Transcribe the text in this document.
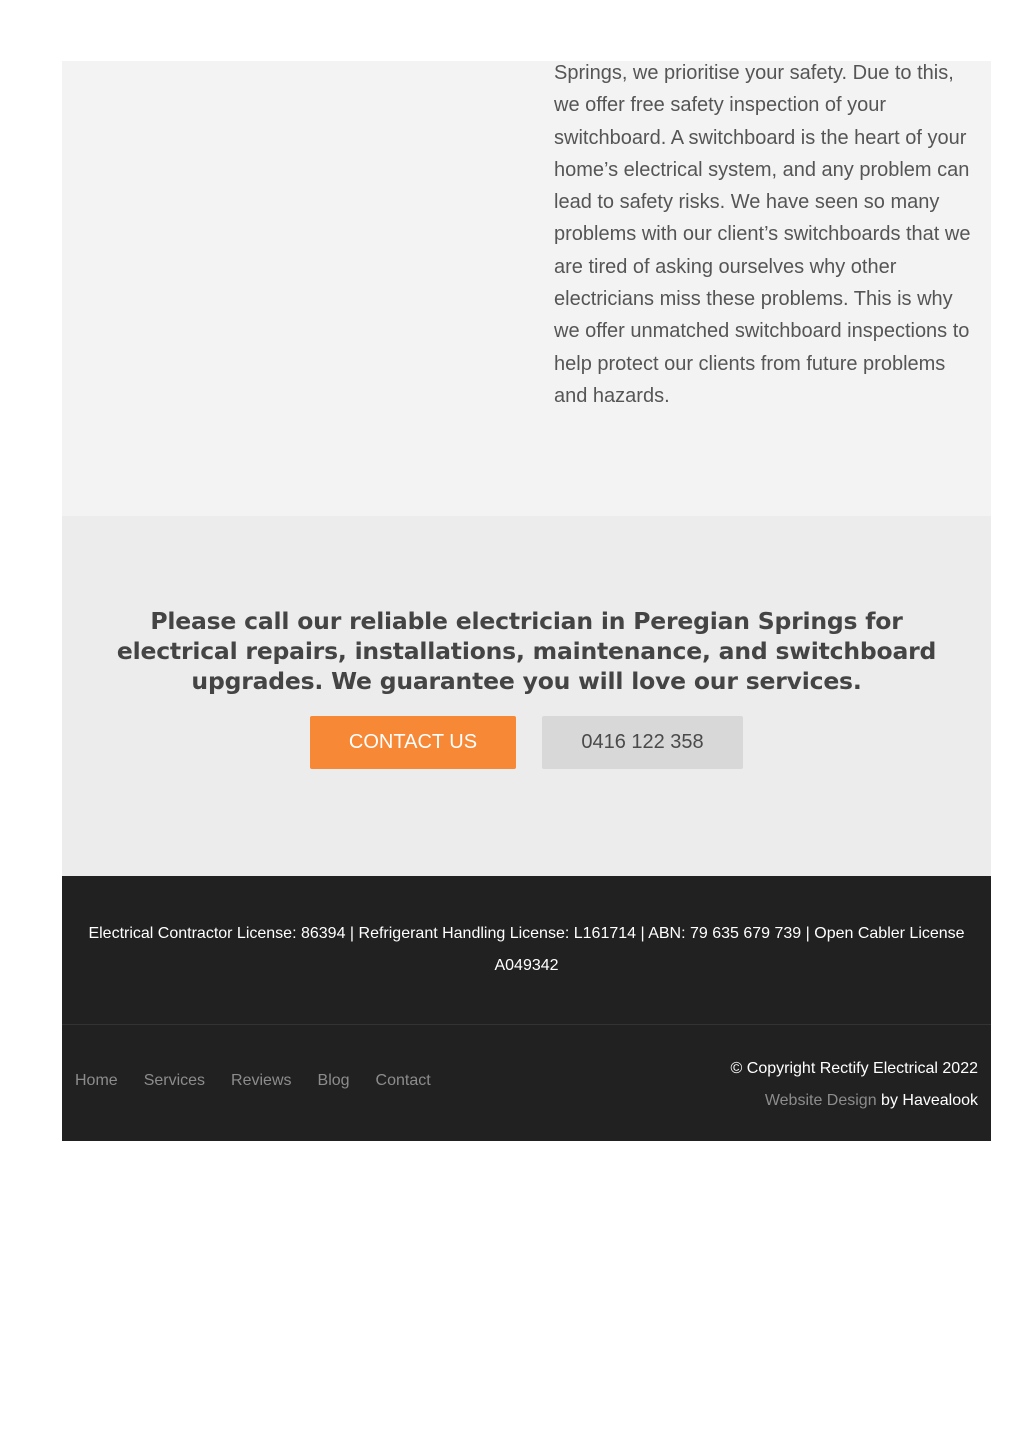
Springs, we prioritise your safety. Due to this, we offer free safety inspection of your switchboard. A switchboard is the heart of your home’s electrical system, and any problem can lead to safety risks. We have seen so many problems with our client’s switchboards that we are tired of asking ourselves why other electricians miss these problems. This is why we offer unmatched switchboard inspections to help protect our clients from future problems and hazards.

Please call our reliable electrician in Peregian Springs for electrical repairs, installations, maintenance, and switchboard upgrades. We guarantee you will love our services.
CONTACT US	0416 122 358

Electrical Contractor License: 86394 | Refrigerant Handling License: L161714 | ABN: 79 635 679 739 | Open Cabler License A049342

Home Services Reviews Blog Contact
© Copyright Rectify Electrical 2022
Website Design by Havealook
